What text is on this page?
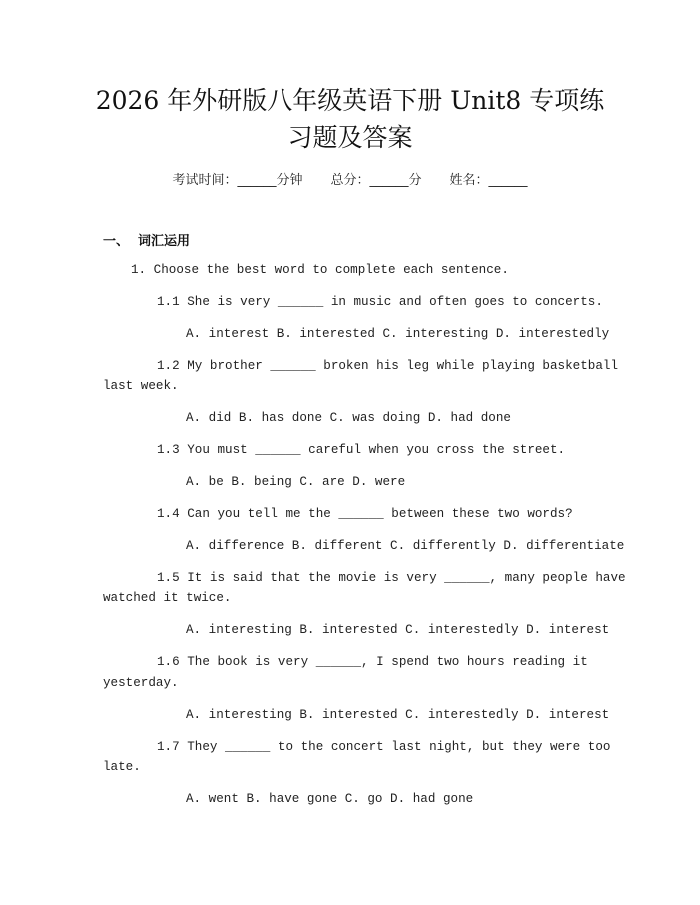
2026 年外研版八年级英语下册 Unit8 专项练
习题及答案
考试时间：______分钟 总分：______分 姓名：______
一、  词汇运用
1. Choose the best word to complete each sentence.
1.1 She is very ______ in music and often goes to concerts.
A. interest B. interested C. interesting D. interestedly
1.2 My brother ______ broken his leg while playing basketball
last week.
A. did B. has done C. was doing D. had done
1.3 You must ______ careful when you cross the street.
A. be B. being C. are D. were
1.4 Can you tell me the ______ between these two words?
A. difference B. different C. differently D. differentiate
1.5 It is said that the movie is very ______, many people have
watched it twice.
A. interesting B. interested C. interestedly D. interest
1.6 The book is very ______, I spend two hours reading it
yesterday.
A. interesting B. interested C. interestedly D. interest
1.7 They ______ to the concert last night, but they were too
late.
A. went B. have gone C. go D. had gone
